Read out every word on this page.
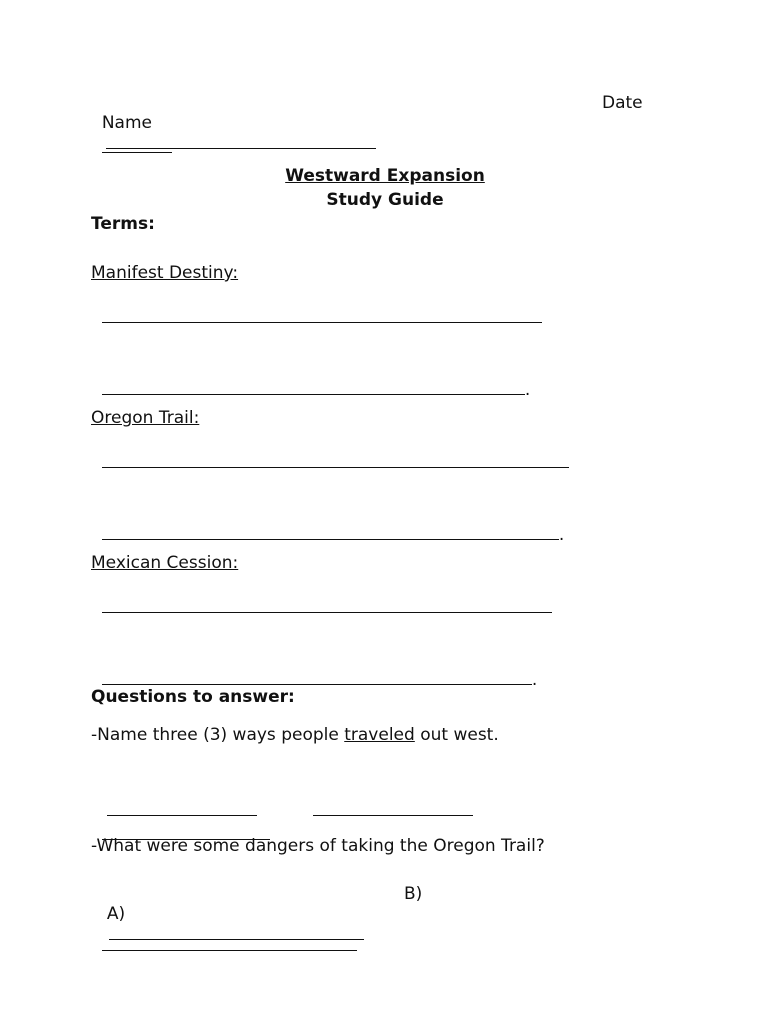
Name

Date

Westward Expansion
Study Guide
Terms:
Manifest Destiny:

.

Oregon Trail:

.

Mexican Cession:

.

Questions to answer:
-Name three (3) ways people traveled out west.

-What were some dangers of taking the Oregon Trail?

A)

B)
